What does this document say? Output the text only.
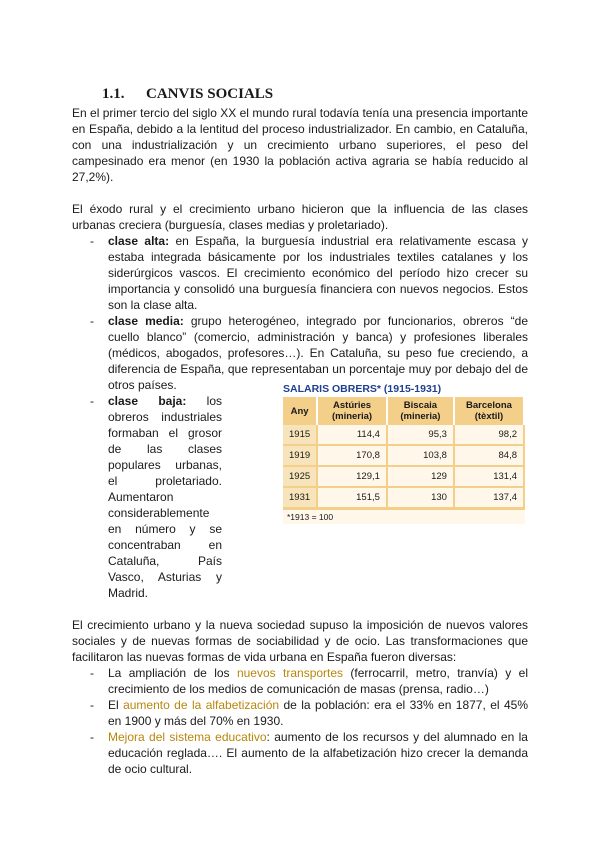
1.1. CANVIS SOCIALS

En el primer tercio del siglo XX el mundo rural todavía tenía una presencia importante en España, debido a la lentitud del proceso industrializador. En cambio, en Cataluña, con una industrialización y un crecimiento urbano superiores, el peso del campesinado era menor (en 1930 la población activa agraria se había reducido al 27,2%).

El éxodo rural y el crecimiento urbano hicieron que la influencia de las clases urbanas creciera (burguesía, clases medias y proletariado).

- clase alta: en España, la burguesía industrial era relativamente escasa y estaba integrada básicamente por los industriales textiles catalanes y los siderúrgicos vascos. El crecimiento económico del período hizo crecer su importancia y consolidó una burguesía financiera con nuevos negocios. Estos son la clase alta.
- clase media: grupo heterogéneo, integrado por funcionarios, obreros “de cuello blanco” (comercio, administración y banca) y profesiones liberales (médicos, abogados, profesores…). En Cataluña, su peso fue creciendo, a diferencia de España, que representaban un porcentaje muy por debajo del de otros países.
- clase baja: los obreros industriales formaban el grosor de las clases populares urbanas, el proletariado. Aumentaron considerablemente en número y se concentraban en Cataluña, País Vasco, Asturias y Madrid.
SALARIS OBRERS* (1915-1931)
Any	Astúries (mineria)	Biscaia (mineria)	Barcelona (tèxtil)
1915	114,4	95,3	98,2
1919	170,8	103,8	84,8
1925	129,1	129	131,4
1931	151,5	130	137,4
*1913 = 100

El crecimiento urbano y la nueva sociedad supuso la imposición de nuevos valores sociales y de nuevas formas de sociabilidad y de ocio. Las transformaciones que facilitaron las nuevas formas de vida urbana en España fueron diversas:

- La ampliación de los nuevos transportes (ferrocarril, metro, tranvía) y el crecimiento de los medios de comunicación de masas (prensa, radio…)
- El aumento de la alfabetización de la población: era el 33% en 1877, el 45% en 1900 y más del 70% en 1930.
- Mejora del sistema educativo: aumento de los recursos y del alumnado en la educación reglada…. El aumento de la alfabetización hizo crecer la demanda de ocio cultural.
